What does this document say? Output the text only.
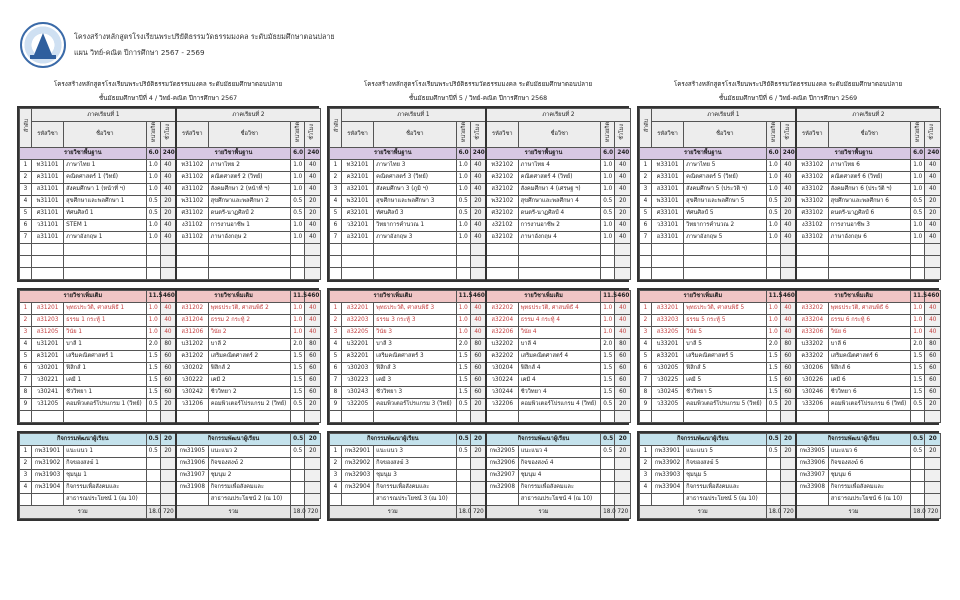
โครงสร้างหลักสูตรโรงเรียนพระปริยัติธรรมวัดธรรมมงคล ระดับมัธยมศึกษาตอนปลาย
แผน วิทย์-คณิต ปีการศึกษา 2567 - 2569
โครงสร้างหลักสูตรโรงเรียนพระปริยัติธรรมวัดธรรมมงคล ระดับมัธยมศึกษาตอนปลาย
ชั้นมัธยมศึกษาปีที่ 4 / วิทย์-คณิต ปีการศึกษา 2567
ลำดับ	ภาคเรียนที่ 1				ภาคเรียนที่ 2			
	รหัสวิชา	ชื่อวิชา	หน่วยกิต	ชั่วโมง	รหัสวิชา	ชื่อวิชา	หน่วยกิต	ชั่วโมง
รายวิชาพื้นฐาน			6.0	240	รายวิชาพื้นฐาน		6.0	240
1	ท31101	ภาษาไทย 1	1.0	40	ท31102	ภาษาไทย 2	1.0	40
2	ค31101	คณิตศาสตร์ 1 (วิทย์)	1.0	40	ค31102	คณิตศาสตร์ 2 (วิทย์)	1.0	40
3	ส31101	สังคมศึกษา 1 (หน้าที่ ฯ)	1.0	40	ส31102	สังคมศึกษา 2 (หน้าที่ ฯ)	1.0	40
4	พ31101	สุขศึกษาและพลศึกษา 1	0.5	20	พ31102	สุขศึกษาและพลศึกษา 2	0.5	20
5	ศ31101	ทัศนศิลป์ 1	0.5	20	ศ31102	ดนตรี-นาฏศิลป์ 2	0.5	20
6	ว31101	STEM 1	1.0	40	ง31102	การงานอาชีพ 1	1.0	40
7	อ31101	ภาษาอังกฤษ 1	1.0	40	อ31102	ภาษาอังกฤษ 2	1.0	40

รายวิชาเพิ่มเติม			11.5	460	รายวิชาเพิ่มเติม		11.5	460
1	ส31201	พุทธประวัติ, ศาสนพิธี 1	1.0	40	ส31202	พุทธประวัติ, ศาสนพิธี 2	1.0	40
2	ส31203	ธรรม 1 กระทู้ 1	1.0	40	ส31204	ธรรม 2 กระทู้ 2	1.0	40
3	ส31205	วินัย 1	1.0	40	ส31206	วินัย 2	1.0	40
4	บ31201	บาลี 1	2.0	80	บ31202	บาลี 2	2.0	80
5	ค31201	เสริมคณิตศาสตร์ 1	1.5	60	ค31202	เสริมคณิตศาสตร์ 2	1.5	60
6	ว30201	ฟิสิกส์ 1	1.5	60	ว30202	ฟิสิกส์ 2	1.5	60
7	ว30221	เคมี 1	1.5	60	ว30222	เคมี 2	1.5	60
8	ว30241	ชีววิทยา 1	1.5	60	ว30242	ชีววิทยา 2	1.5	60
9	ว31205	คอมพิวเตอร์โปรแกรม 1 (วิทย์)	0.5	20	ว31206	คอมพิวเตอร์โปรแกรม 2 (วิทย์)	0.5	20

กิจกรรมพัฒนาผู้เรียน			0.5	20	กิจกรรมพัฒนาผู้เรียน		0.5	20
1	กพ31901	แนะแนว 1	0.5	20	กพ31905	แนะแนว 2	0.5	20
2	กพ31902	กิจของสงฆ์ 1			กพ31906	กิจของสงฆ์ 2		
3	กพ31903	ชุมนุม 1			กพ31907	ชุมนุม 2		
4	กพ31904	กิจกรรมเพื่อสังคมและ			กพ31908	กิจกรรมเพื่อสังคมและ		
		สาธารณประโยชน์ 1 (ณ 10)				สาธารณประโยชน์ 2 (ณ 10)		
รวม			18.0	720	รวม		18.0	720
โครงสร้างหลักสูตรโรงเรียนพระปริยัติธรรมวัดธรรมมงคล ระดับมัธยมศึกษาตอนปลาย
ชั้นมัธยมศึกษาปีที่ 5 / วิทย์-คณิต ปีการศึกษา 2568
ลำดับ	ภาคเรียนที่ 1				ภาคเรียนที่ 2			
	รหัสวิชา	ชื่อวิชา	หน่วยกิต	ชั่วโมง	รหัสวิชา	ชื่อวิชา	หน่วยกิต	ชั่วโมง
รายวิชาพื้นฐาน			6.0	240	รายวิชาพื้นฐาน		6.0	240
1	ท32101	ภาษาไทย 3	1.0	40	ท32102	ภาษาไทย 4	1.0	40
2	ค32101	คณิตศาสตร์ 3 (วิทย์)	1.0	40	ค32102	คณิตศาสตร์ 4 (วิทย์)	1.0	40
3	ส32101	สังคมศึกษา 3 (ภูมิ ฯ)	1.0	40	ส32102	สังคมศึกษา 4 (เศรษฐ ฯ)	1.0	40
4	พ32101	สุขศึกษาและพลศึกษา 3	0.5	20	พ32102	สุขศึกษาและพลศึกษา 4	0.5	20
5	ศ32101	ทัศนศิลป์ 3	0.5	20	ศ32102	ดนตรี-นาฏศิลป์ 4	0.5	20
6	ว32101	วิทยาการคำนวณ 1	1.0	40	ง32102	การงานอาชีพ 2	1.0	40
7	อ32101	ภาษาอังกฤษ 3	1.0	40	อ32102	ภาษาอังกฤษ 4	1.0	40

รายวิชาเพิ่มเติม			11.5	460	รายวิชาเพิ่มเติม		11.5	460
1	ส32201	พุทธประวัติ, ศาสนพิธี 3	1.0	40	ส32202	พุทธประวัติ, ศาสนพิธี 4	1.0	40
2	ส32203	ธรรม 3 กระทู้ 3	1.0	40	ส32204	ธรรม 4 กระทู้ 4	1.0	40
3	ส32205	วินัย 3	1.0	40	ส32206	วินัย 4	1.0	40
4	บ32201	บาลี 3	2.0	80	บ32202	บาลี 4	2.0	80
5	ค32201	เสริมคณิตศาสตร์ 3	1.5	60	ค32202	เสริมคณิตศาสตร์ 4	1.5	60
6	ว30203	ฟิสิกส์ 3	1.5	60	ว30204	ฟิสิกส์ 4	1.5	60
7	ว30223	เคมี 3	1.5	60	ว30224	เคมี 4	1.5	60
8	ว30243	ชีววิทยา 3	1.5	60	ว30244	ชีววิทยา 4	1.5	60
9	ว32205	คอมพิวเตอร์โปรแกรม 3 (วิทย์)	0.5	20	ว32206	คอมพิวเตอร์โปรแกรม 4 (วิทย์)	0.5	20

กิจกรรมพัฒนาผู้เรียน			0.5	20	กิจกรรมพัฒนาผู้เรียน		0.5	20
1	กพ32901	แนะแนว 3	0.5	20	กพ32905	แนะแนว 4	0.5	20
2	กพ32902	กิจของสงฆ์ 3			กพ32906	กิจของสงฆ์ 4		
3	กพ32903	ชุมนุม 3			กพ32907	ชุมนุม 4		
4	กพ32904	กิจกรรมเพื่อสังคมและ			กพ32908	กิจกรรมเพื่อสังคมและ		
		สาธารณประโยชน์ 3 (ณ 10)				สาธารณประโยชน์ 4 (ณ 10)		
รวม			18.0	720	รวม		18.0	720
โครงสร้างหลักสูตรโรงเรียนพระปริยัติธรรมวัดธรรมมงคล ระดับมัธยมศึกษาตอนปลาย
ชั้นมัธยมศึกษาปีที่ 6 / วิทย์-คณิต ปีการศึกษา 2569
ลำดับ	ภาคเรียนที่ 1				ภาคเรียนที่ 2			
	รหัสวิชา	ชื่อวิชา	หน่วยกิต	ชั่วโมง	รหัสวิชา	ชื่อวิชา	หน่วยกิต	ชั่วโมง
รายวิชาพื้นฐาน			6.0	240	รายวิชาพื้นฐาน		6.0	240
1	ท33101	ภาษาไทย 5	1.0	40	ท33102	ภาษาไทย 6	1.0	40
2	ค33101	คณิตศาสตร์ 5 (วิทย์)	1.0	40	ค33102	คณิตศาสตร์ 6 (วิทย์)	1.0	40
3	ส33101	สังคมศึกษา 5 (ประวัติ ฯ)	1.0	40	ส33102	สังคมศึกษา 6 (ประวัติ ฯ)	1.0	40
4	พ33101	สุขศึกษาและพลศึกษา 5	0.5	20	พ33102	สุขศึกษาและพลศึกษา 6	0.5	20
5	ศ33101	ทัศนศิลป์ 5	0.5	20	ศ33102	ดนตรี-นาฏศิลป์ 6	0.5	20
6	ว33101	วิทยาการคำนวณ 2	1.0	40	ง33102	การงานอาชีพ 3	1.0	40
7	อ33101	ภาษาอังกฤษ 5	1.0	40	อ33102	ภาษาอังกฤษ 6	1.0	40

รายวิชาเพิ่มเติม			11.5	460	รายวิชาเพิ่มเติม		11.5	460
1	ส33201	พุทธประวัติ, ศาสนพิธี 5	1.0	40	ส33202	พุทธประวัติ, ศาสนพิธี 6	1.0	40
2	ส33203	ธรรม 5 กระทู้ 5	1.0	40	ส33204	ธรรม 6 กระทู้ 6	1.0	40
3	ส33205	วินัย 5	1.0	40	ส33206	วินัย 6	1.0	40
4	บ33201	บาลี 5	2.0	80	บ33202	บาลี 6	2.0	80
5	ค33201	เสริมคณิตศาสตร์ 5	1.5	60	ค33202	เสริมคณิตศาสตร์ 6	1.5	60
6	ว30205	ฟิสิกส์ 5	1.5	60	ว30206	ฟิสิกส์ 6	1.5	60
7	ว30225	เคมี 5	1.5	60	ว30226	เคมี 6	1.5	60
8	ว30245	ชีววิทยา 5	1.5	60	ว30246	ชีววิทยา 6	1.5	60
9	ว33205	คอมพิวเตอร์โปรแกรม 5 (วิทย์)	0.5	20	ว33206	คอมพิวเตอร์โปรแกรม 6 (วิทย์)	0.5	20

กิจกรรมพัฒนาผู้เรียน			0.5	20	กิจกรรมพัฒนาผู้เรียน		0.5	20
1	กพ33901	แนะแนว 5	0.5	20	กพ33905	แนะแนว 6	0.5	20
2	กพ33902	กิจของสงฆ์ 5			กพ33906	กิจของสงฆ์ 6		
3	กพ33903	ชุมนุม 5			กพ33907	ชุมนุม 6		
4	กพ33904	กิจกรรมเพื่อสังคมและ			กพ33908	กิจกรรมเพื่อสังคมและ		
		สาธารณประโยชน์ 5 (ณ 10)				สาธารณประโยชน์ 6 (ณ 10)		
รวม			18.0	720	รวม		18.0	720
